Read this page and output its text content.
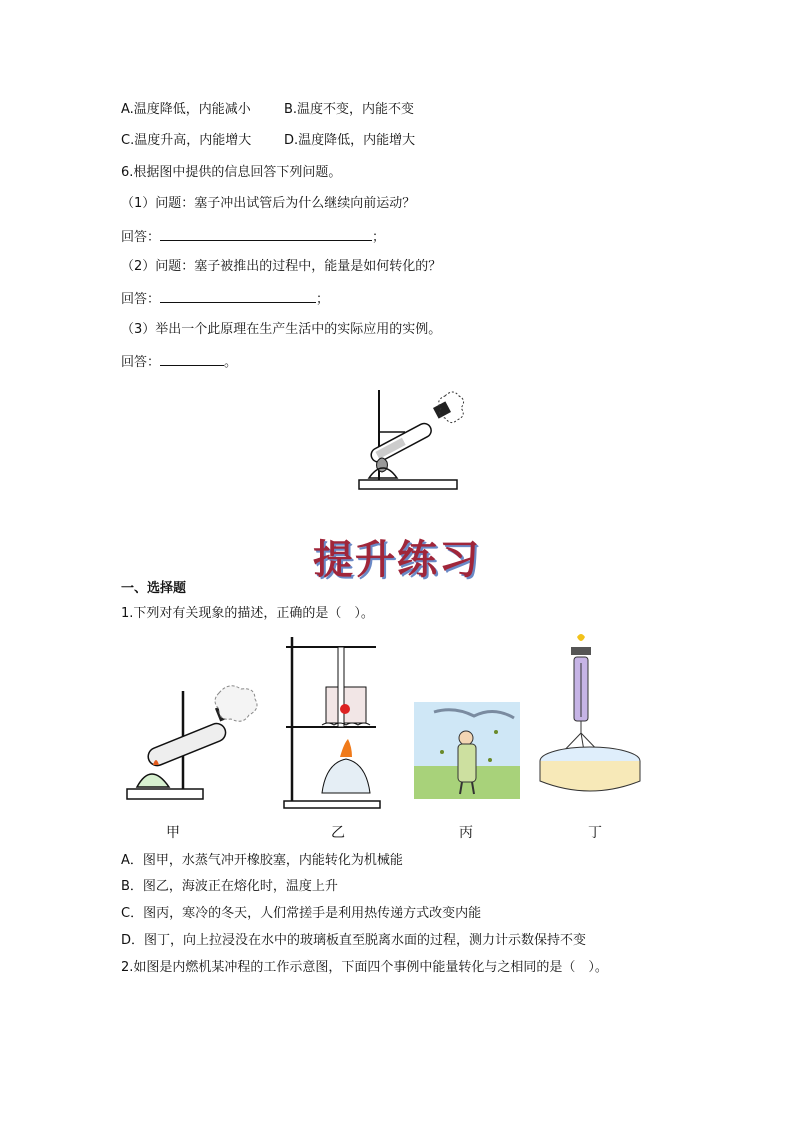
A.温度降低，内能减小	B.温度不变，内能不变
C.温度升高，内能增大	D.温度降低，内能增大
6.根据图中提供的信息回答下列问题。
（1）问题：塞子冲出试管后为什么继续向前运动？
回答：	；
（2）问题：塞子被推出的过程中，能量是如何转化的？
回答：	；
（3）举出一个此原理在生产生活中的实际应用的实例。
回答：	。
提升练习
一、选择题
1.下列对有关现象的描述，正确的是（　）。
甲	乙	丙	丁
A．图甲，水蒸气冲开橡胶塞，内能转化为机械能
B．图乙，海波正在熔化时，温度上升
C．图丙，寒冷的冬天，人们常搓手是利用热传递方式改变内能
D．图丁，向上拉浸没在水中的玻璃板直至脱离水面的过程，测力计示数保持不变
2.如图是内燃机某冲程的工作示意图，下面四个事例中能量转化与之相同的是（　）。
